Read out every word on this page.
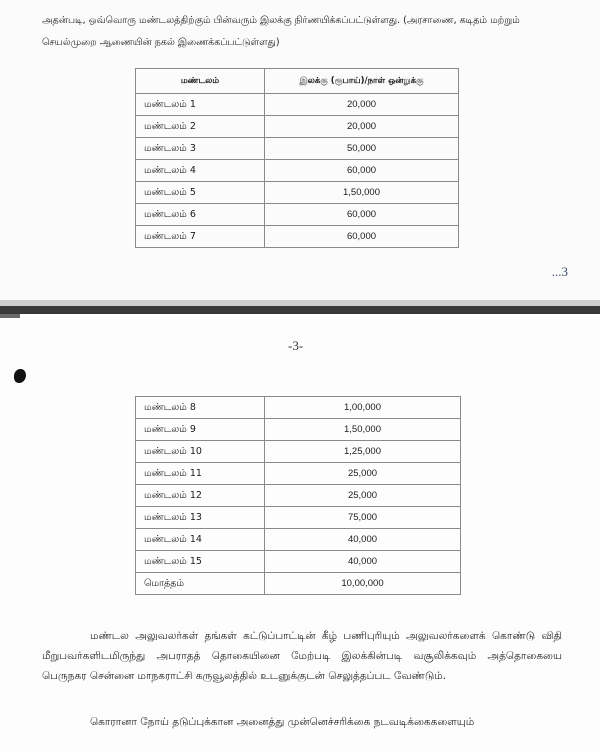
அதன்படி, ஒவ்வொரு மண்டலத்திற்கும் பின்வரும் இலக்கு நிர்ணயிக்கப்பட்டுள்ளது. (அரசாணை, கடிதம் மற்றும் செயல்முறை ஆணையின் நகல் இணைக்கப்பட்டுள்ளது)
மண்டலம்	இலக்கு (ரூபாய்)/நாள் ஒன்றுக்கு
மண்டலம் 1	20,000
மண்டலம் 2	20,000
மண்டலம் 3	50,000
மண்டலம் 4	60,000
மண்டலம் 5	1,50,000
மண்டலம் 6	60,000
மண்டலம் 7	60,000
...3
-3-
மண்டலம் 8	1,00,000
மண்டலம் 9	1,50,000
மண்டலம் 10	1,25,000
மண்டலம் 11	25,000
மண்டலம் 12	25,000
மண்டலம் 13	75,000
மண்டலம் 14	40,000
மண்டலம் 15	40,000
மொத்தம்	10,00,000
மண்டல அலுவலர்கள் தங்கள் கட்டுப்பாட்டின் கீழ் பணிபுரியும் அலுவலர்களைக் கொண்டு விதி மீறுபவர்களிடமிருந்து அபராதத் தொகையினை மேற்படி இலக்கின்படி வசூலிக்கவும் அத்தொகையை பெருநகர சென்னை மாநகராட்சி கருவூலத்தில் உடனுக்குடன் செலுத்தப்பட வேண்டும்.
கொரானா நோய் தடுப்புக்கான அனைத்து முன்னெச்சரிக்கை நடவடிக்கைகளையும்
